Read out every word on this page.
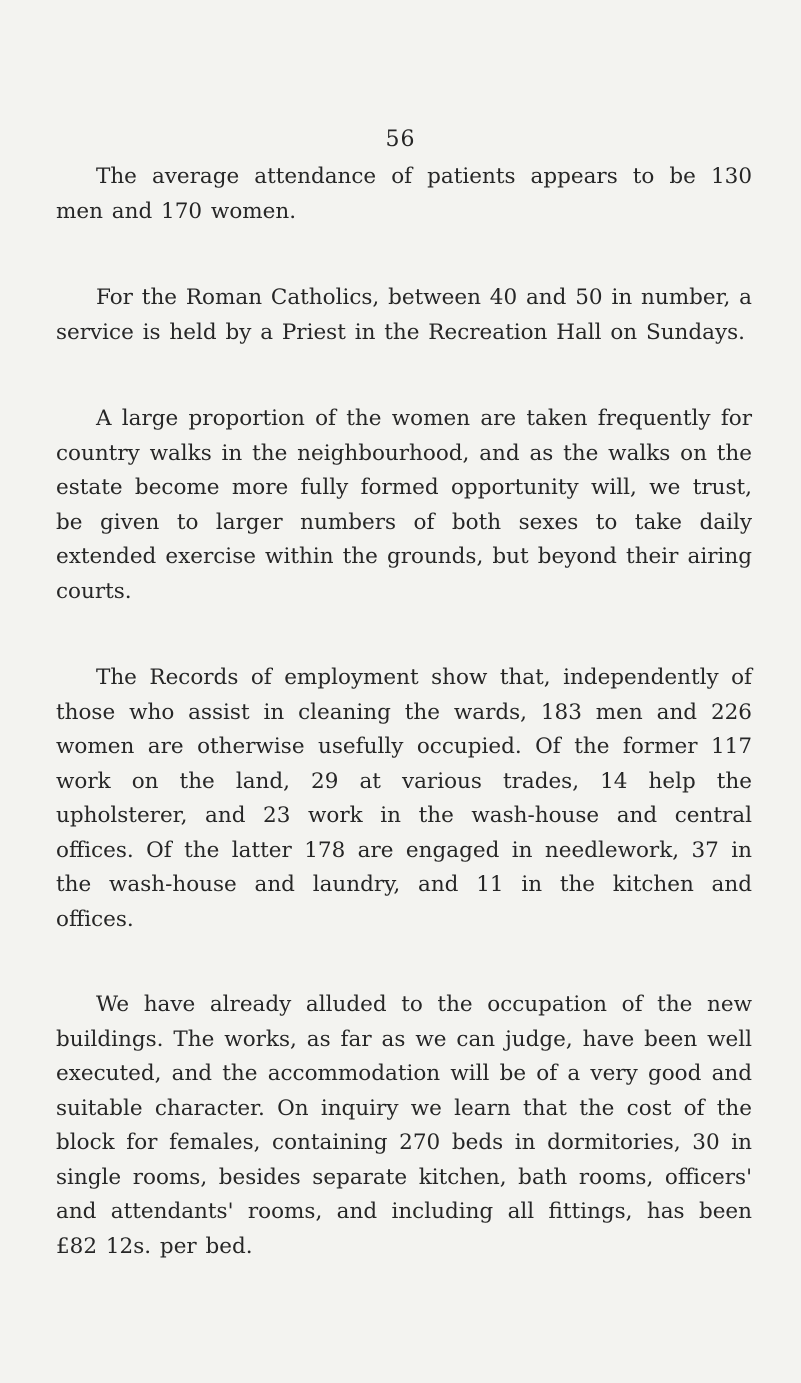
56

The average attendance of patients appears to be 130 men and 170 women.

For the Roman Catholics, between 40 and 50 in number, a service is held by a Priest in the Recreation Hall on Sundays.

A large proportion of the women are taken frequently for country walks in the neighbourhood, and as the walks on the estate become more fully formed opportunity will, we trust, be given to larger numbers of both sexes to take daily extended exercise within the grounds, but beyond their airing courts.

The Records of employment show that, independently of those who assist in cleaning the wards, 183 men and 226 women are otherwise usefully occupied. Of the former 117 work on the land, 29 at various trades, 14 help the upholsterer, and 23 work in the wash-house and central offices. Of the latter 178 are engaged in needlework, 37 in the wash-house and laundry, and 11 in the kitchen and offices.

We have already alluded to the occupation of the new buildings. The works, as far as we can judge, have been well executed, and the accommodation will be of a very good and suitable character. On inquiry we learn that the cost of the block for females, containing 270 beds in dormitories, 30 in single rooms, besides separate kitchen, bath rooms, officers' and attendants' rooms, and including all fittings, has been £82 12s. per bed.
